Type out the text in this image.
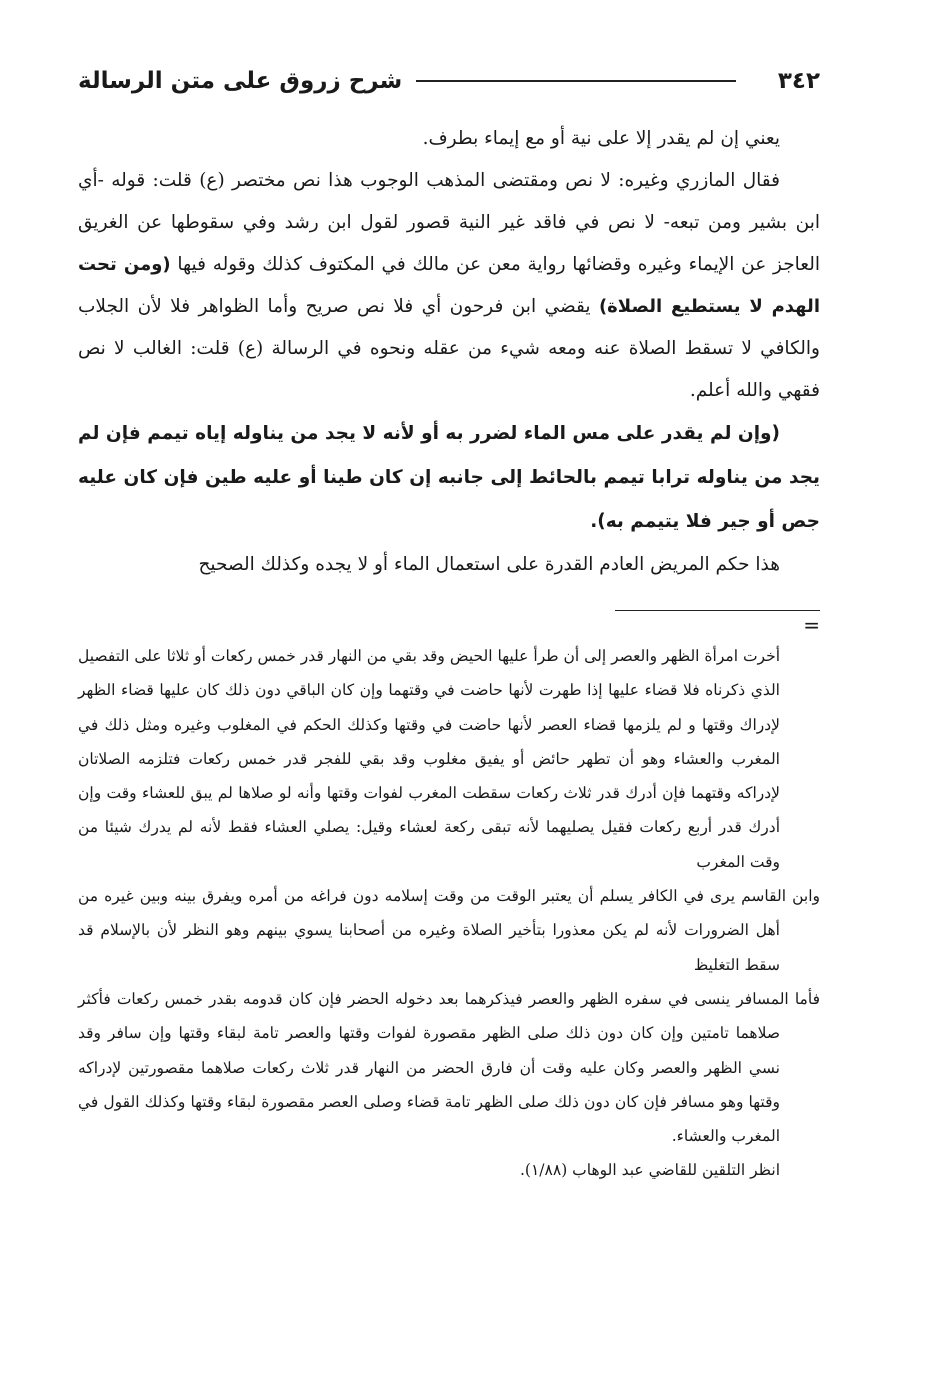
٣٤٢
شرح زروق على متن الرسالة

يعني إن لم يقدر إلا على نية أو مع إيماء بطرف.

فقال المازري وغيره: لا نص ومقتضى المذهب الوجوب هذا نص مختصر (ع) قلت: قوله -أي ابن بشير ومن تبعه- لا نص في فاقد غير النية قصور لقول ابن رشد وفي سقوطها عن الغريق العاجز عن الإيماء وغيره وقضائها رواية معن عن مالك في المكتوف كذلك وقوله فيها (ومن تحت الهدم لا يستطيع الصلاة) يقضي ابن فرحون أي فلا نص صريح وأما الظواهر فلا لأن الجلاب والكافي لا تسقط الصلاة عنه ومعه شيء من عقله ونحوه في الرسالة (ع) قلت: الغالب لا نص فقهي والله أعلم.

(وإن لم يقدر على مس الماء لضرر به أو لأنه لا يجد من يناوله إياه تيمم فإن لم يجد من يناوله ترابا تيمم بالحائط إلى جانبه إن كان طينا أو عليه طين فإن كان عليه جص أو جير فلا يتيمم به).

هذا حكم المريض العادم القدرة على استعمال الماء أو لا يجده وكذلك الصحيح

=

أخرت امرأة الظهر والعصر إلى أن طرأ عليها الحيض وقد بقي من النهار قدر خمس ركعات أو ثلاثا على التفصيل الذي ذكرناه فلا قضاء عليها إذا طهرت لأنها حاضت في وقتهما وإن كان الباقي دون ذلك كان عليها قضاء الظهر لإدراك وقتها و لم يلزمها قضاء العصر لأنها حاضت في وقتها وكذلك الحكم في المغلوب وغيره ومثل ذلك في المغرب والعشاء وهو أن تطهر حائض أو يفيق مغلوب وقد بقي للفجر قدر خمس ركعات فتلزمه الصلاتان لإدراكه وقتهما فإن أدرك قدر ثلاث ركعات سقطت المغرب لفوات وقتها وأنه لو صلاها لم يبق للعشاء وقت وإن أدرك قدر أربع ركعات فقيل يصليهما لأنه تبقى ركعة لعشاء وقيل: يصلي العشاء فقط لأنه لم يدرك شيئا من وقت المغرب

وابن القاسم يرى في الكافر يسلم أن يعتبر الوقت من وقت إسلامه دون فراغه من أمره ويفرق بينه وبين غيره من أهل الضرورات لأنه لم يكن معذورا بتأخير الصلاة وغيره من أصحابنا يسوي بينهم وهو النظر لأن بالإسلام قد سقط التغليظ

فأما المسافر ينسى في سفره الظهر والعصر فيذكرهما بعد دخوله الحضر فإن كان قدومه بقدر خمس ركعات فأكثر صلاهما تامتين وإن كان دون ذلك صلى الظهر مقصورة لفوات وقتها والعصر تامة لبقاء وقتها وإن سافر وقد نسي الظهر والعصر وكان عليه وقت أن فارق الحضر من النهار قدر ثلاث ركعات صلاهما مقصورتين لإدراكه وقتها وهو مسافر فإن كان دون ذلك صلى الظهر تامة قضاء وصلى العصر مقصورة لبقاء وقتها وكذلك القول في المغرب والعشاء.

انظر التلقين للقاضي عبد الوهاب (١/٨٨).
